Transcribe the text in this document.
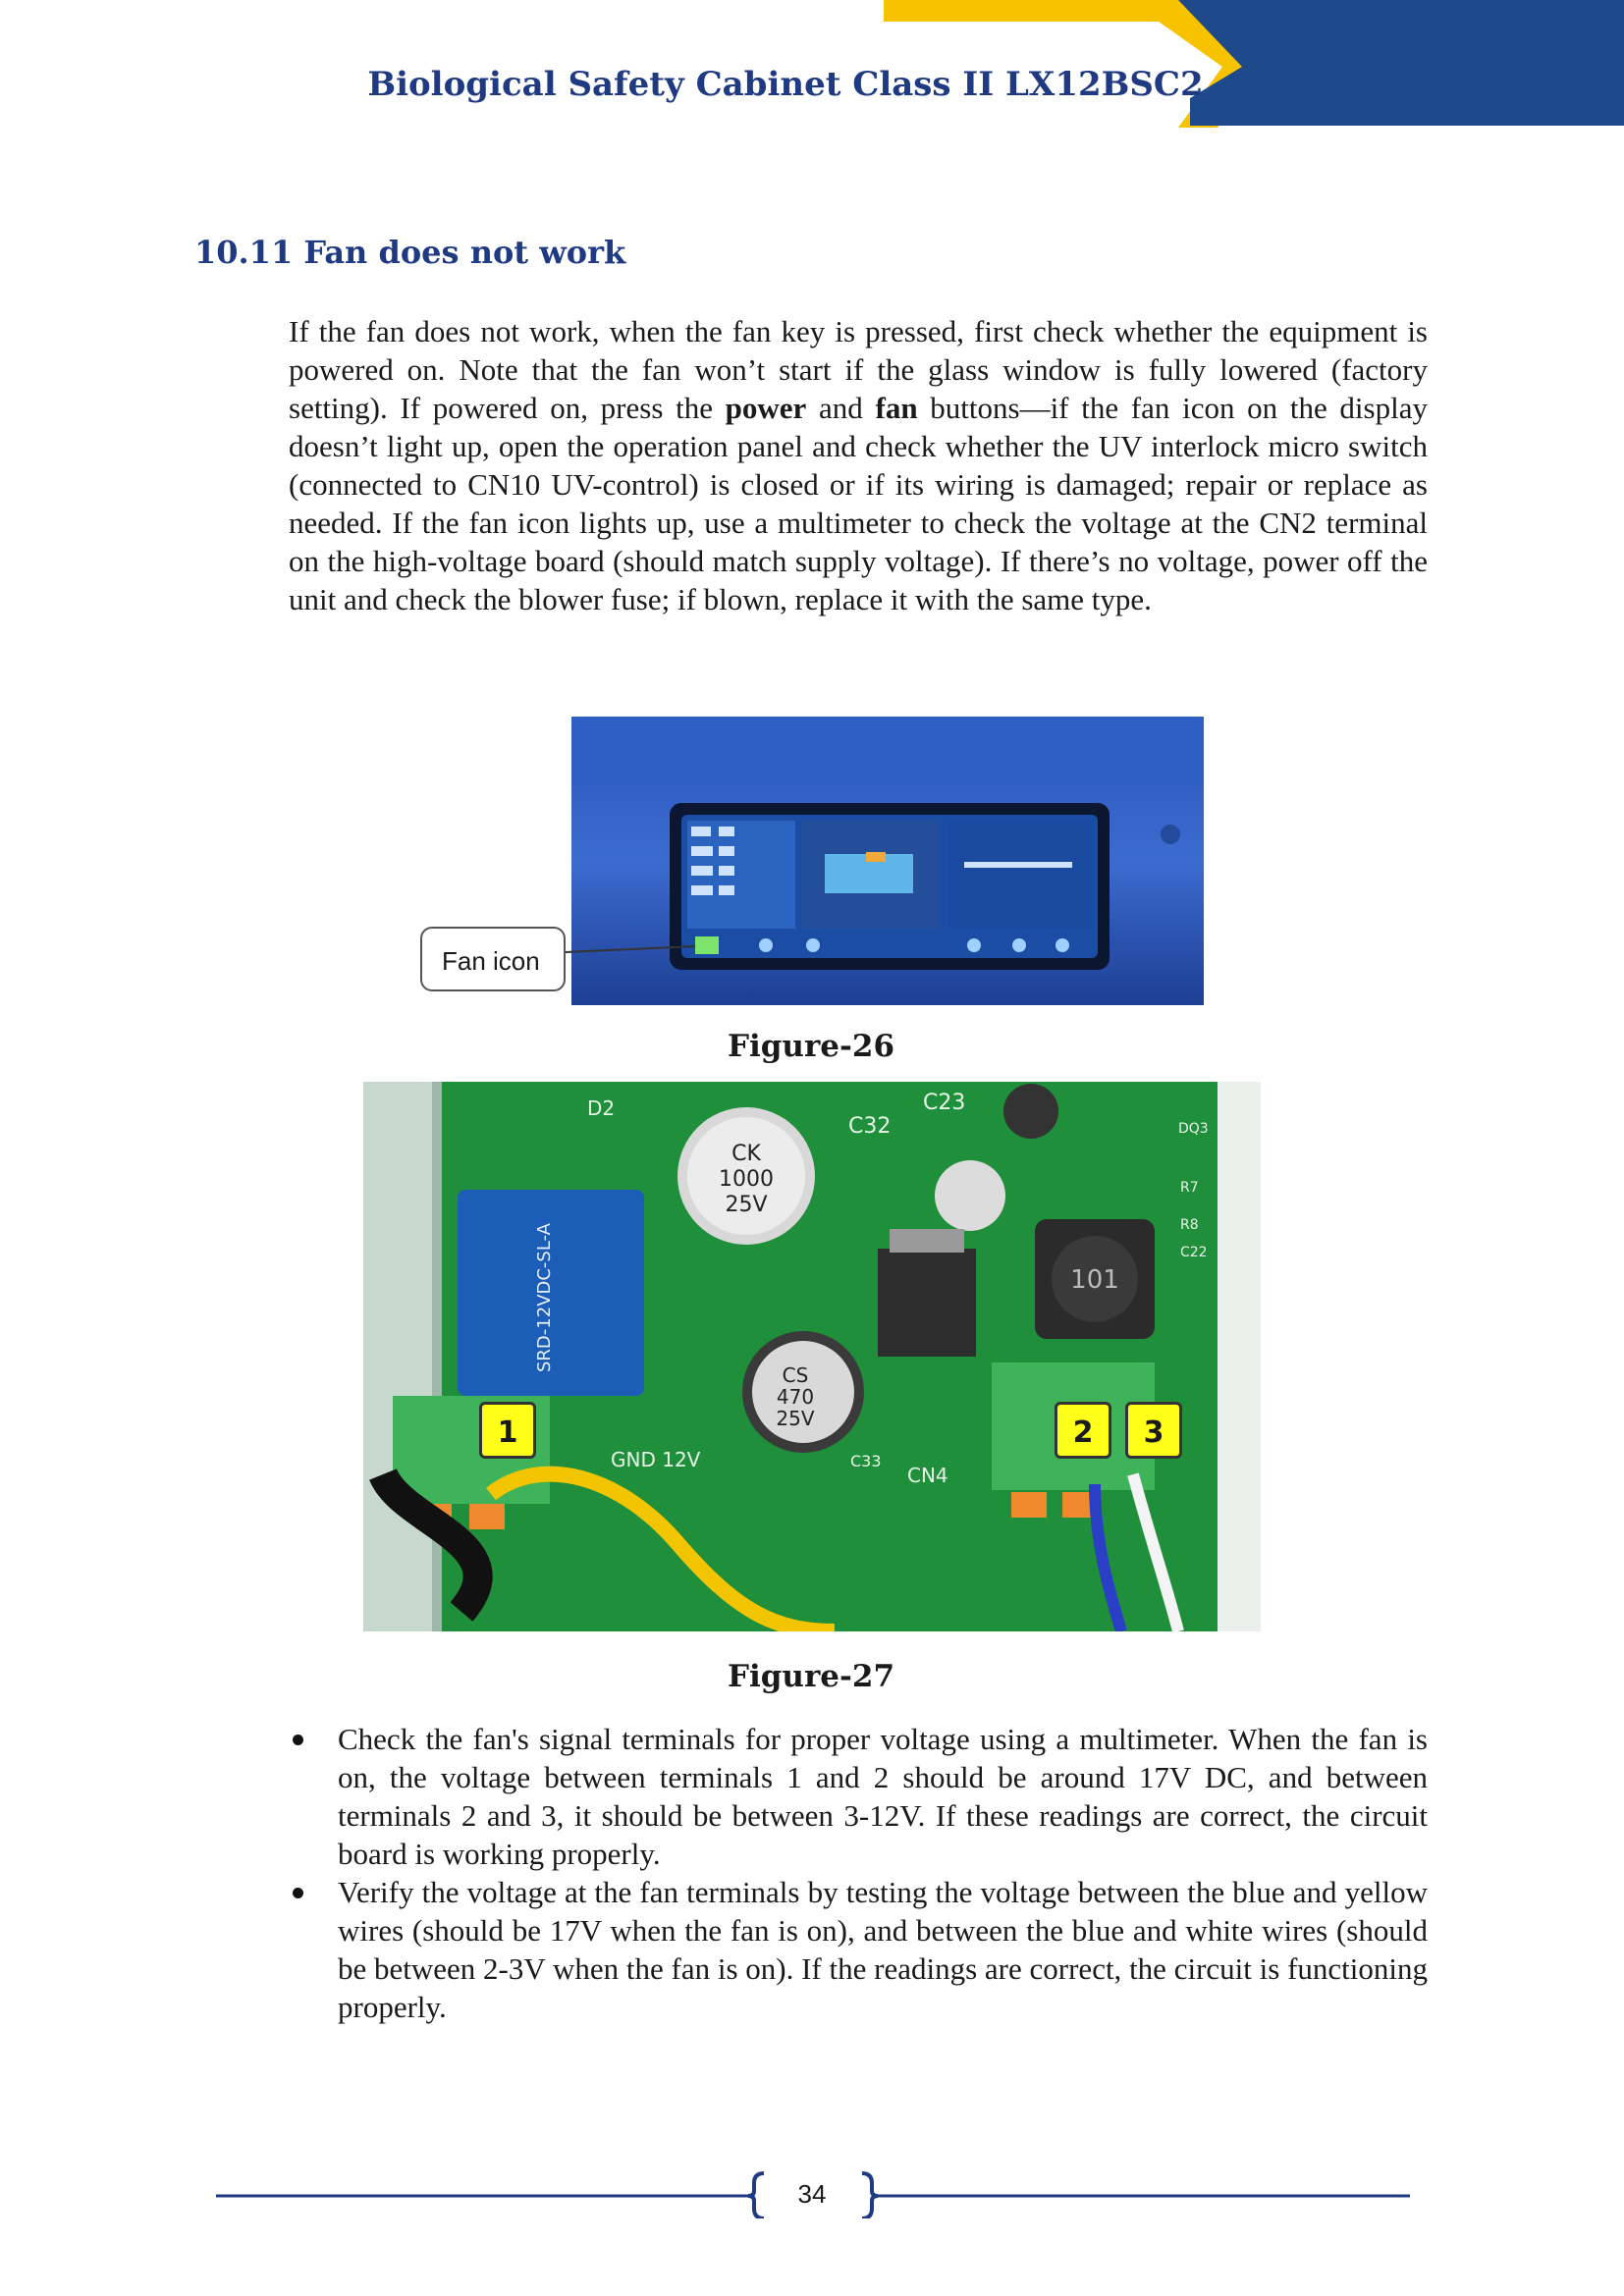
Biological Safety Cabinet Class II LX12BSC2
10.11 Fan does not work
If the fan does not work, when the fan key is pressed, first check whether the equipment is powered on. Note that the fan won’t start if the glass window is fully lowered (factory setting). If powered on, press the power and fan buttons—if the fan icon on the display doesn’t light up, open the operation panel and check whether the UV interlock micro switch (connected to CN10 UV-control) is closed or if its wiring is damaged; repair or replace as needed. If the fan icon lights up, use a multimeter to check the voltage at the CN2 terminal on the high-voltage board (should match supply voltage). If there’s no voltage, power off the unit and check the blower fuse; if blown, replace it with the same type.
Fan icon
Figure-26
SRD-12VDC-SL-A
CK
1000
25V
CS
470
25V
101
D2
C32
C23
DQ3
R7
R8
C22
C33
GND 12V
CN4
1	2	3
Figure-27
Check the fan's signal terminals for proper voltage using a multimeter. When the fan is on, the voltage between terminals 1 and 2 should be around 17V DC, and between terminals 2 and 3, it should be between 3-12V. If these readings are correct, the circuit board is working properly.
Verify the voltage at the fan terminals by testing the voltage between the blue and yellow wires (should be 17V when the fan is on), and between the blue and white wires (should be between 2-3V when the fan is on). If the readings are correct, the circuit is functioning properly.
34
